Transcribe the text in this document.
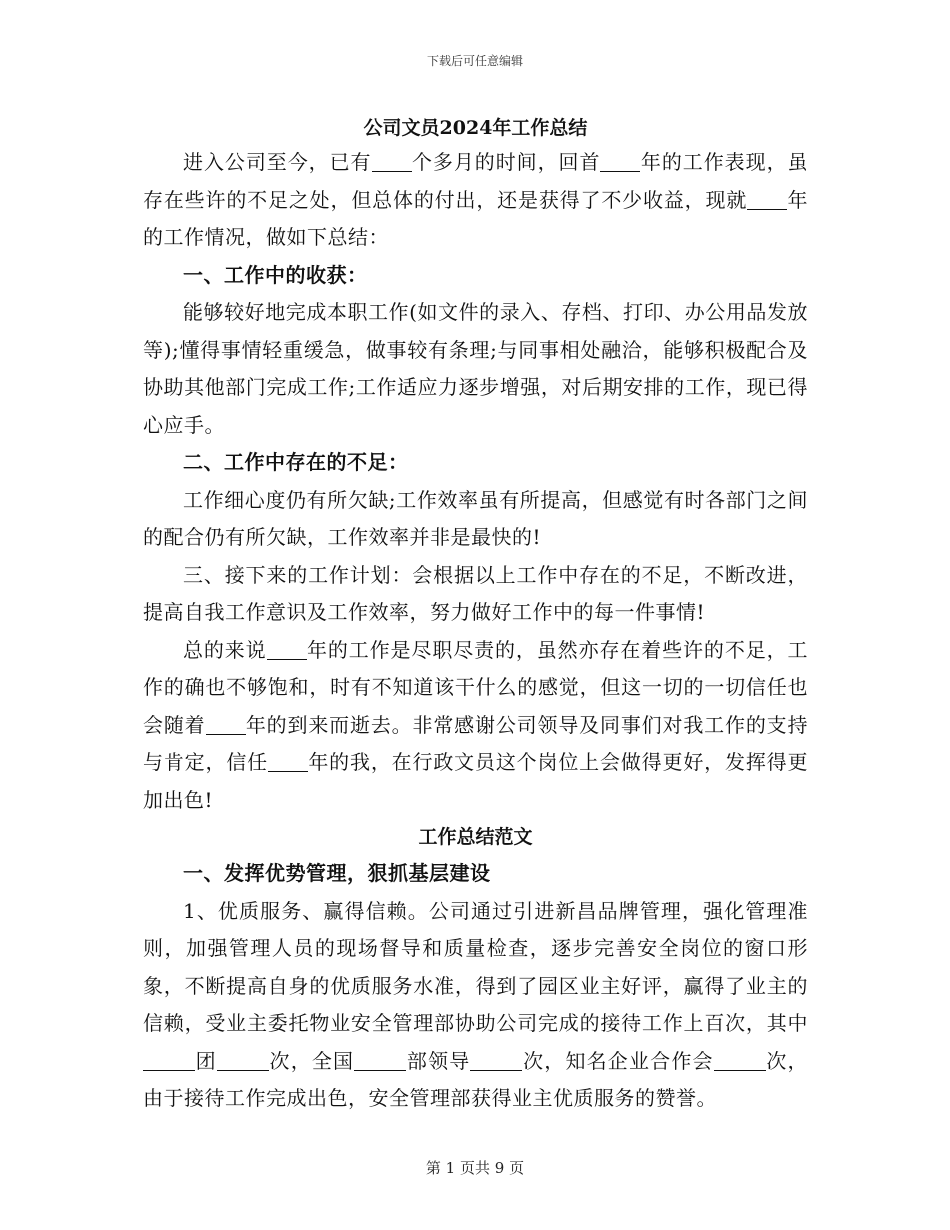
下载后可任意编辑
公司文员2024年工作总结

进入公司至今，已有 个多月的时间，回首 年的工作表现，虽存在些许的不足之处，但总体的付出，还是获得了不少收益，现就 年的工作情况，做如下总结：

一、工作中的收获：

能够较好地完成本职工作(如文件的录入、存档、打印、办公用品发放等);懂得事情轻重缓急，做事较有条理;与同事相处融洽，能够积极配合及协助其他部门完成工作;工作适应力逐步增强，对后期安排的工作，现已得心应手。

二、工作中存在的不足：

工作细心度仍有所欠缺;工作效率虽有所提高，但感觉有时各部门之间的配合仍有所欠缺，工作效率并非是最快的!

三、接下来的工作计划：会根据以上工作中存在的不足，不断改进，提高自我工作意识及工作效率，努力做好工作中的每一件事情!

总的来说 年的工作是尽职尽责的，虽然亦存在着些许的不足，工作的确也不够饱和，时有不知道该干什么的感觉，但这一切的一切信任也会随着 年的到来而逝去。非常感谢公司领导及同事们对我工作的支持与肯定，信任 年的我，在行政文员这个岗位上会做得更好，发挥得更加出色!

工作总结范文

一、发挥优势管理，狠抓基层建设

1、优质服务、赢得信赖。公司通过引进新昌品牌管理，强化管理准则，加强管理人员的现场督导和质量检查，逐步完善安全岗位的窗口形象，不断提高自身的优质服务水准，得到了园区业主好评，赢得了业主的信赖，受业主委托物业安全管理部协助公司完成的接待工作上百次，其中团	次，全国	部领导	次，知名企业合作会	次，由于接待工作完成出色，安全管理部获得业主优质服务的赞誉。

第 1 页共 9 页
